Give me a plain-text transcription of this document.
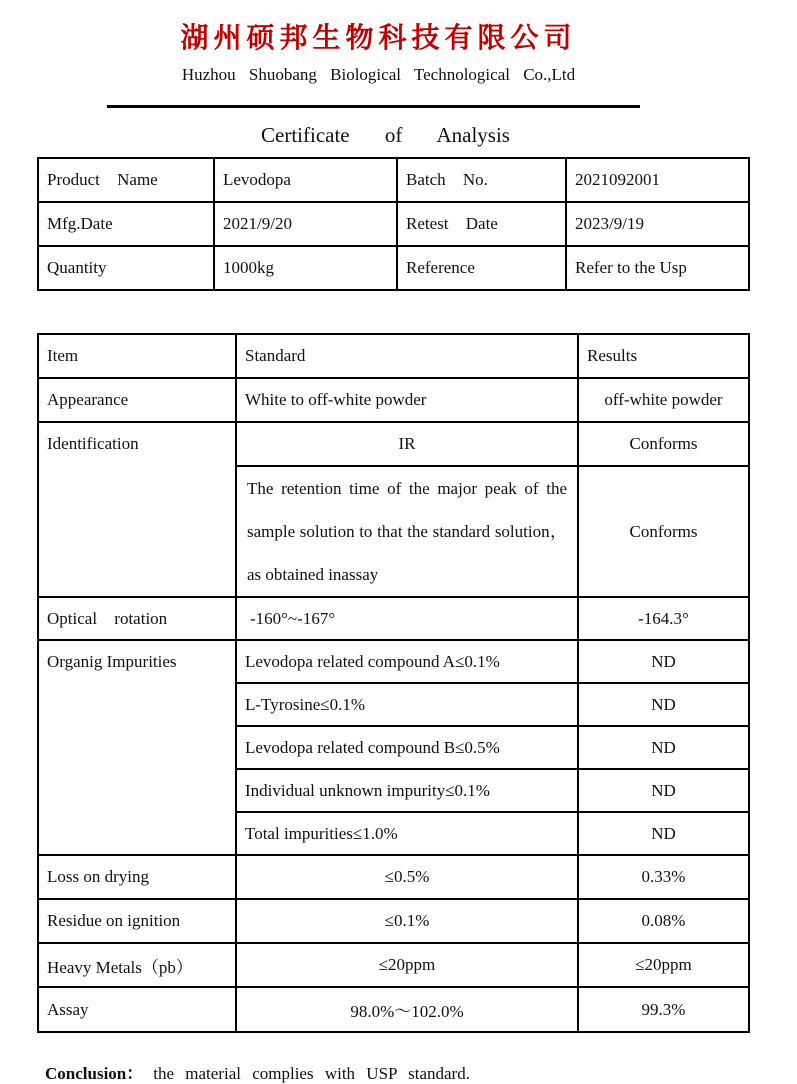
湖州硕邦生物科技有限公司
Huzhou Shuobang Biological Technological Co.,Ltd
Certificate of Analysis
Product Name	Levodopa	Batch No.	2021092001
Mfg.Date	2021/9/20	Retest Date	2023/9/19
Quantity	1000kg	Reference	Refer to the Usp
Item	Standard	Results
Appearance	White to off-white powder	off-white powder
Identification	IR	Conforms
	The retention time of the major peak of the sample solution to that the standard solution，as obtained inassay	Conforms
Optical rotation	-160°~-167°	-164.3°
Organig Impurities	Levodopa related compound A≤0.1%	ND
	L-Tyrosine≤0.1%	ND
	Levodopa related compound B≤0.5%	ND
	Individual unknown impurity≤0.1%	ND
	Total impurities≤1.0%	ND
Loss on drying	≤0.5%	0.33%
Residue on ignition	≤0.1%	0.08%
Heavy Metals（pb）	≤20ppm	≤20ppm
Assay	98.0%～102.0%	99.3%
Conclusion： the material complies with USP standard.
